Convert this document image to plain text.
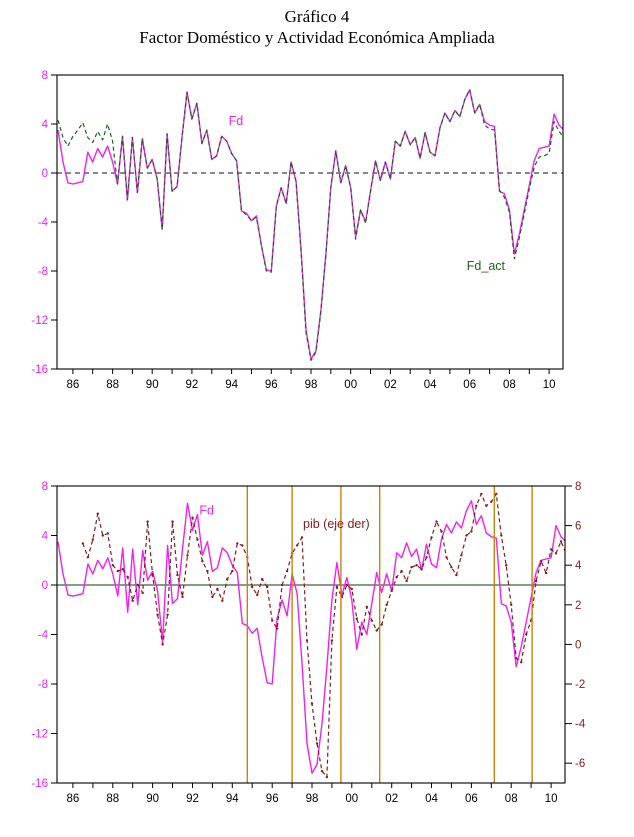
Gráfico 4
Factor Doméstico y Actividad Económica Ampliada
86 88 90 92 94 96 98 00 02 04 06 08 10
8
4
0
-4
-8
-12
-16
Fd
Fd_act
86 88 90 92 94 96 98 00 02 04 06 08 10
8
4
0
-4
-8
-12
-16
8
6
4
2
0
-2
-4
-6
Fd
pib (eje der)
